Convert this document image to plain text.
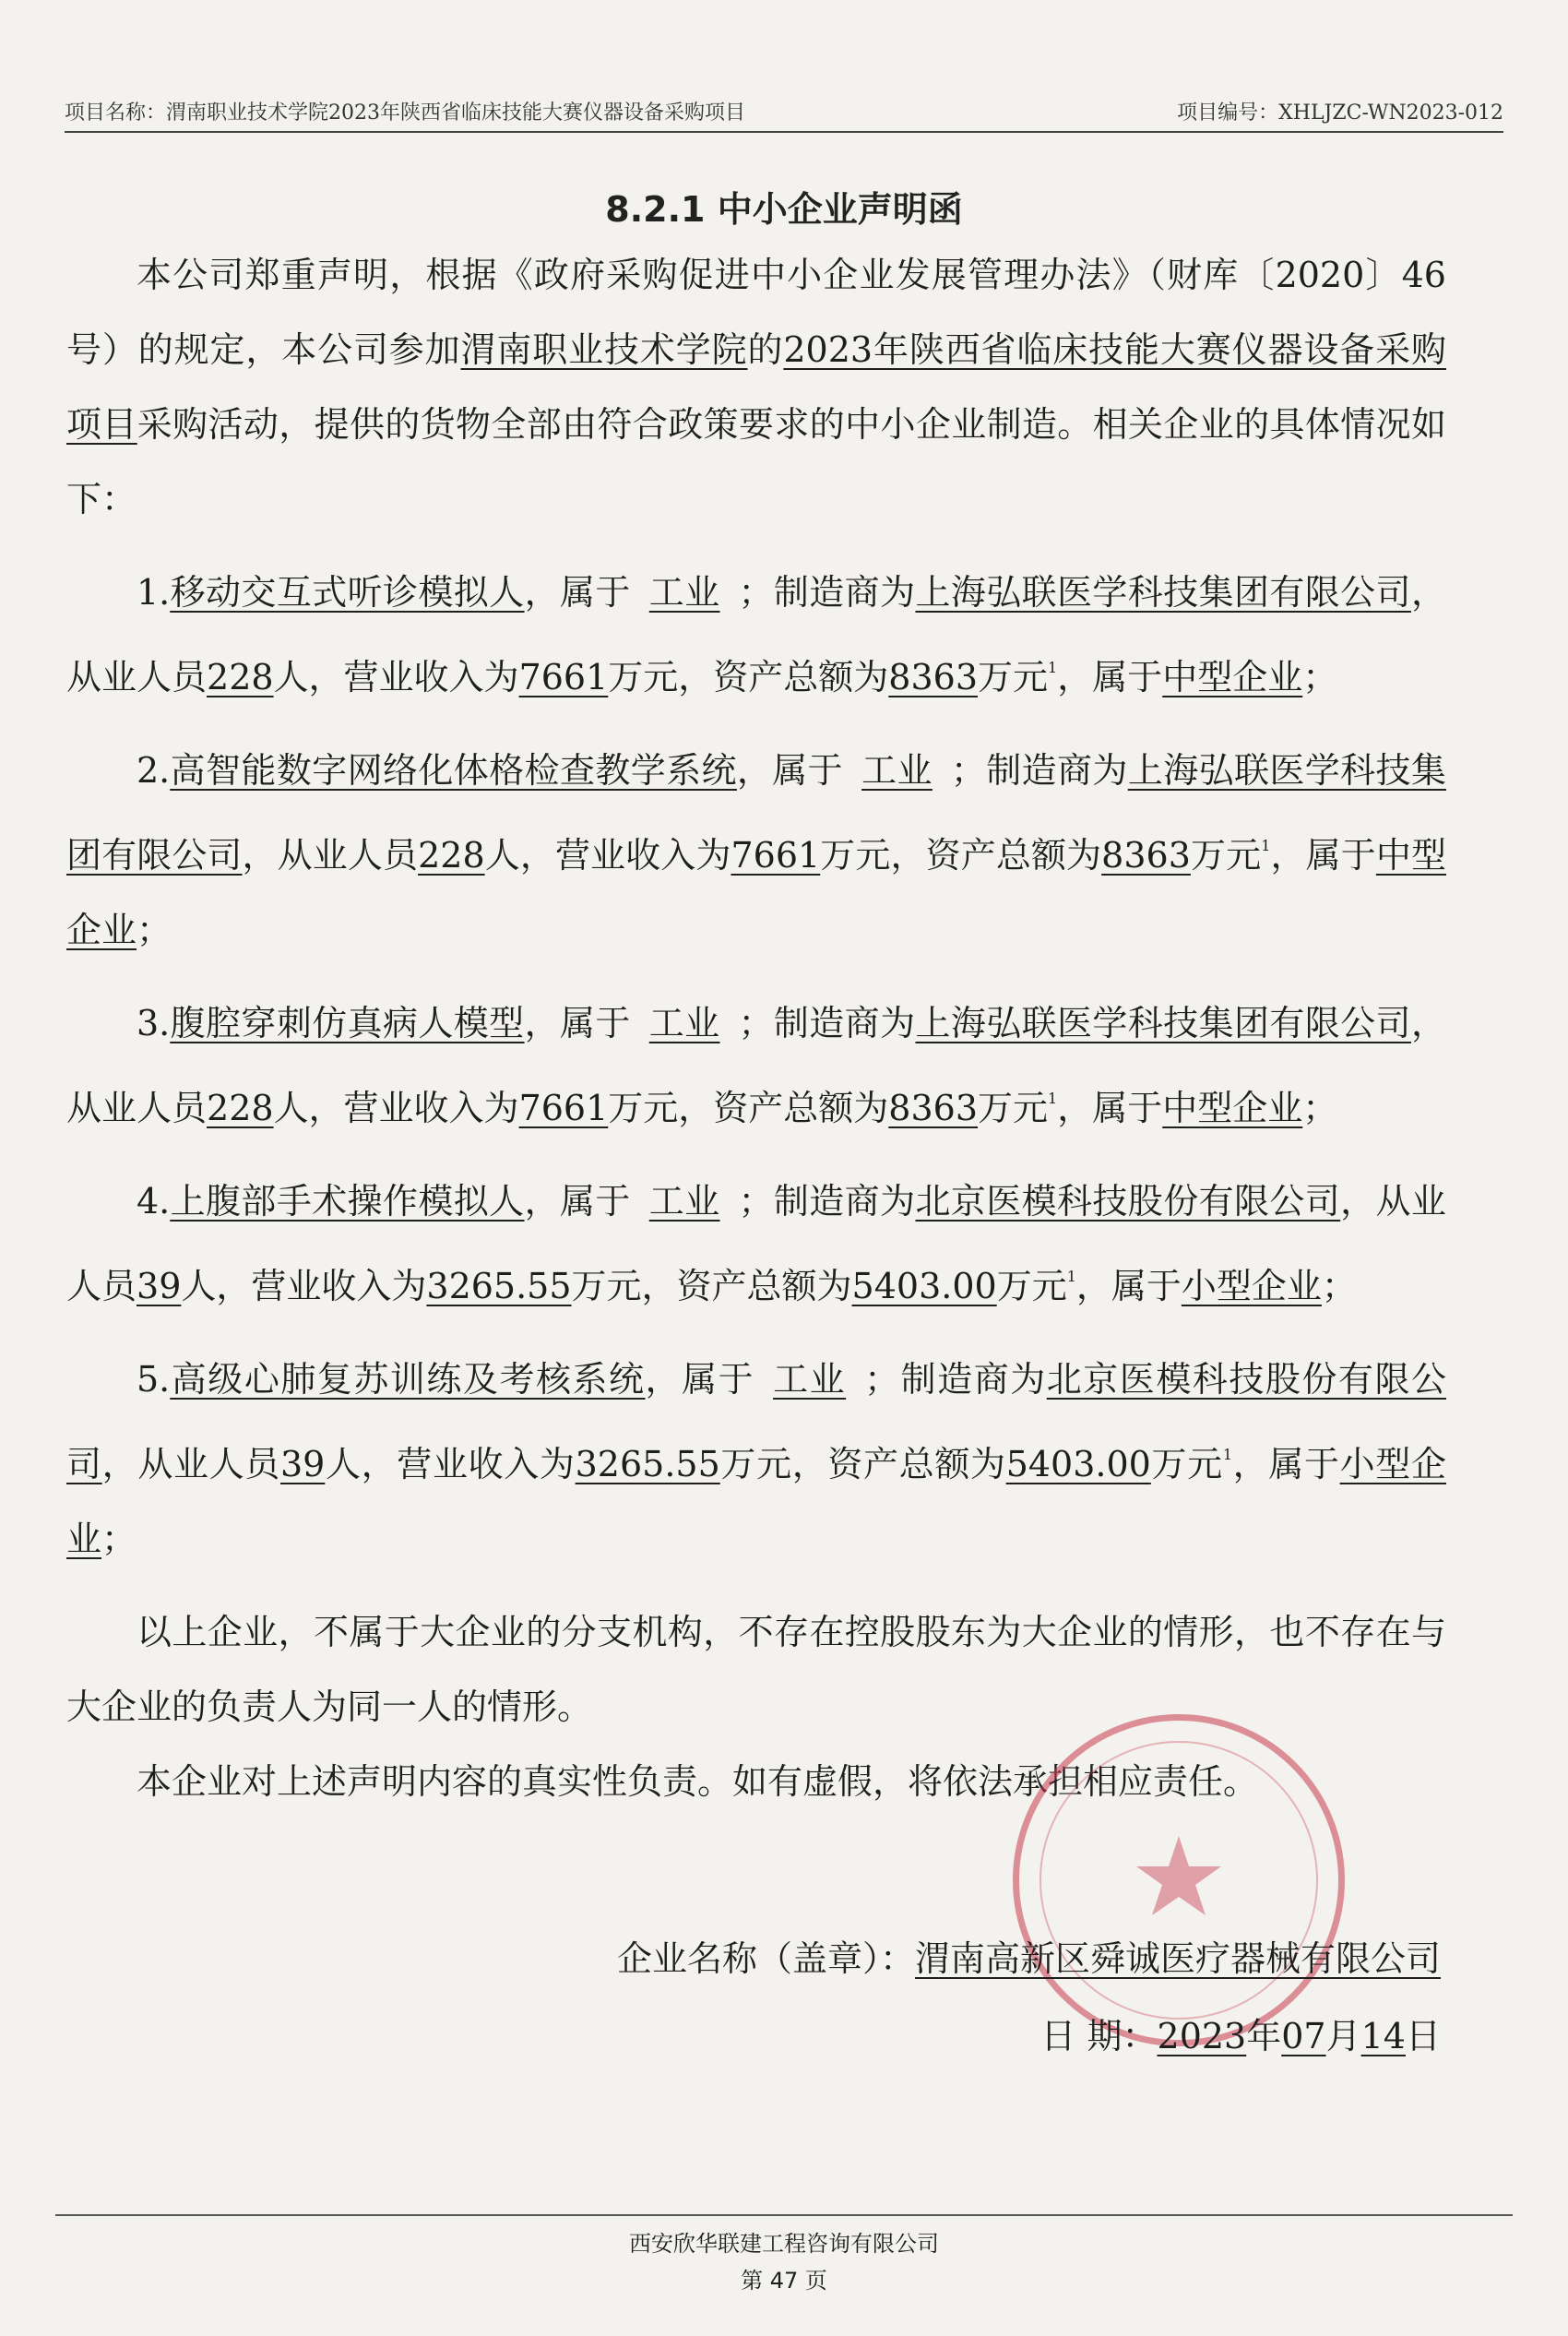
项目名称：渭南职业技术学院2023年陕西省临床技能大赛仪器设备采购项目	项目编号：XHLJZC-WN2023-012
8.2.1 中小企业声明函

本公司郑重声明，根据《政府采购促进中小企业发展管理办法》（财库〔2020〕46号）的规定，本公司参加渭南职业技术学院的2023年陕西省临床技能大赛仪器设备采购项目采购活动，提供的货物全部由符合政策要求的中小企业制造。相关企业的具体情况如下：

1.移动交互式听诊模拟人，属于 工业 ；制造商为上海弘联医学科技集团有限公司，从业人员228人，营业收入为7661万元，资产总额为8363万元$^1$，属于中型企业；

2.高智能数字网络化体格检查教学系统，属于 工业 ；制造商为上海弘联医学科技集团有限公司，从业人员228人，营业收入为7661万元，资产总额为8363万元$^1$，属于中型企业；

3.腹腔穿刺仿真病人模型，属于 工业 ；制造商为上海弘联医学科技集团有限公司，从业人员228人，营业收入为7661万元，资产总额为8363万元$^1$，属于中型企业；

4.上腹部手术操作模拟人，属于 工业 ；制造商为北京医模科技股份有限公司，从业人员39人，营业收入为3265.55万元，资产总额为5403.00万元$^1$，属于小型企业；

5.高级心肺复苏训练及考核系统，属于 工业 ；制造商为北京医模科技股份有限公司，从业人员39人，营业收入为3265.55万元，资产总额为5403.00万元$^1$，属于小型企业；

以上企业，不属于大企业的分支机构，不存在控股股东为大企业的情形，也不存在与大企业的负责人为同一人的情形。

本企业对上述声明内容的真实性负责。如有虚假，将依法承担相应责任。

企业名称（盖章）：渭南高新区舜诚医疗器械有限公司
日 期：2023年07月14日
西安欣华联建工程咨询有限公司
第 47 页
